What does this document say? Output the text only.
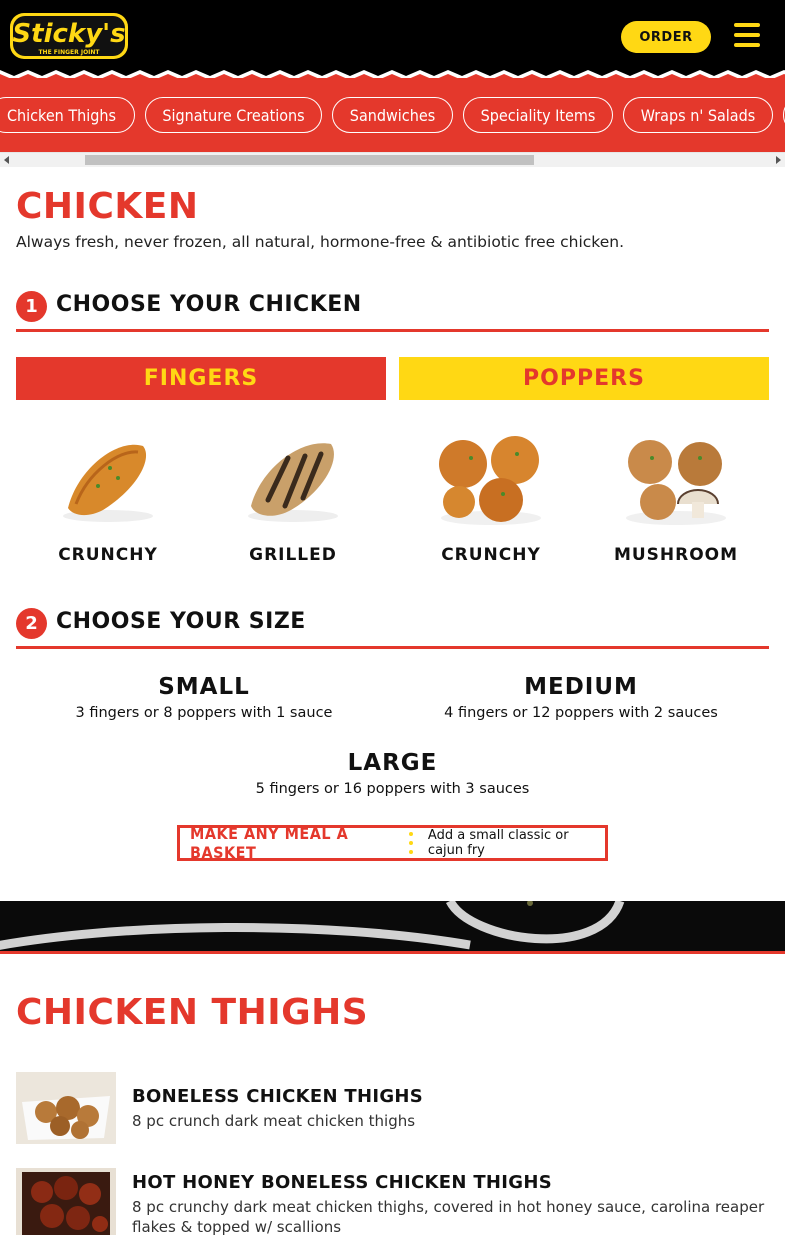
Sticky's
THE FINGER JOINT
ORDER
Chicken Thighs	Signature Creations	Sandwiches	Speciality Items	Wraps n' Salads
CHICKEN
Always fresh, never frozen, all natural, hormone-free & antibiotic free chicken.
1 CHOOSE YOUR CHICKEN
FINGERS	POPPERS
CRUNCHY	GRILLED	CRUNCHY	MUSHROOM
2 CHOOSE YOUR SIZE
SMALL
3 fingers or 8 poppers with 1 sauce
MEDIUM
4 fingers or 12 poppers with 2 sauces
LARGE
5 fingers or 16 poppers with 3 sauces
MAKE ANY MEAL A BASKET
Add a small classic or cajun fry
CHICKEN THIGHS
BONELESS CHICKEN THIGHS
8 pc crunch dark meat chicken thighs
HOT HONEY BONELESS CHICKEN THIGHS
8 pc crunchy dark meat chicken thighs, covered in hot honey sauce, carolina reaper flakes & topped w/ scallions
